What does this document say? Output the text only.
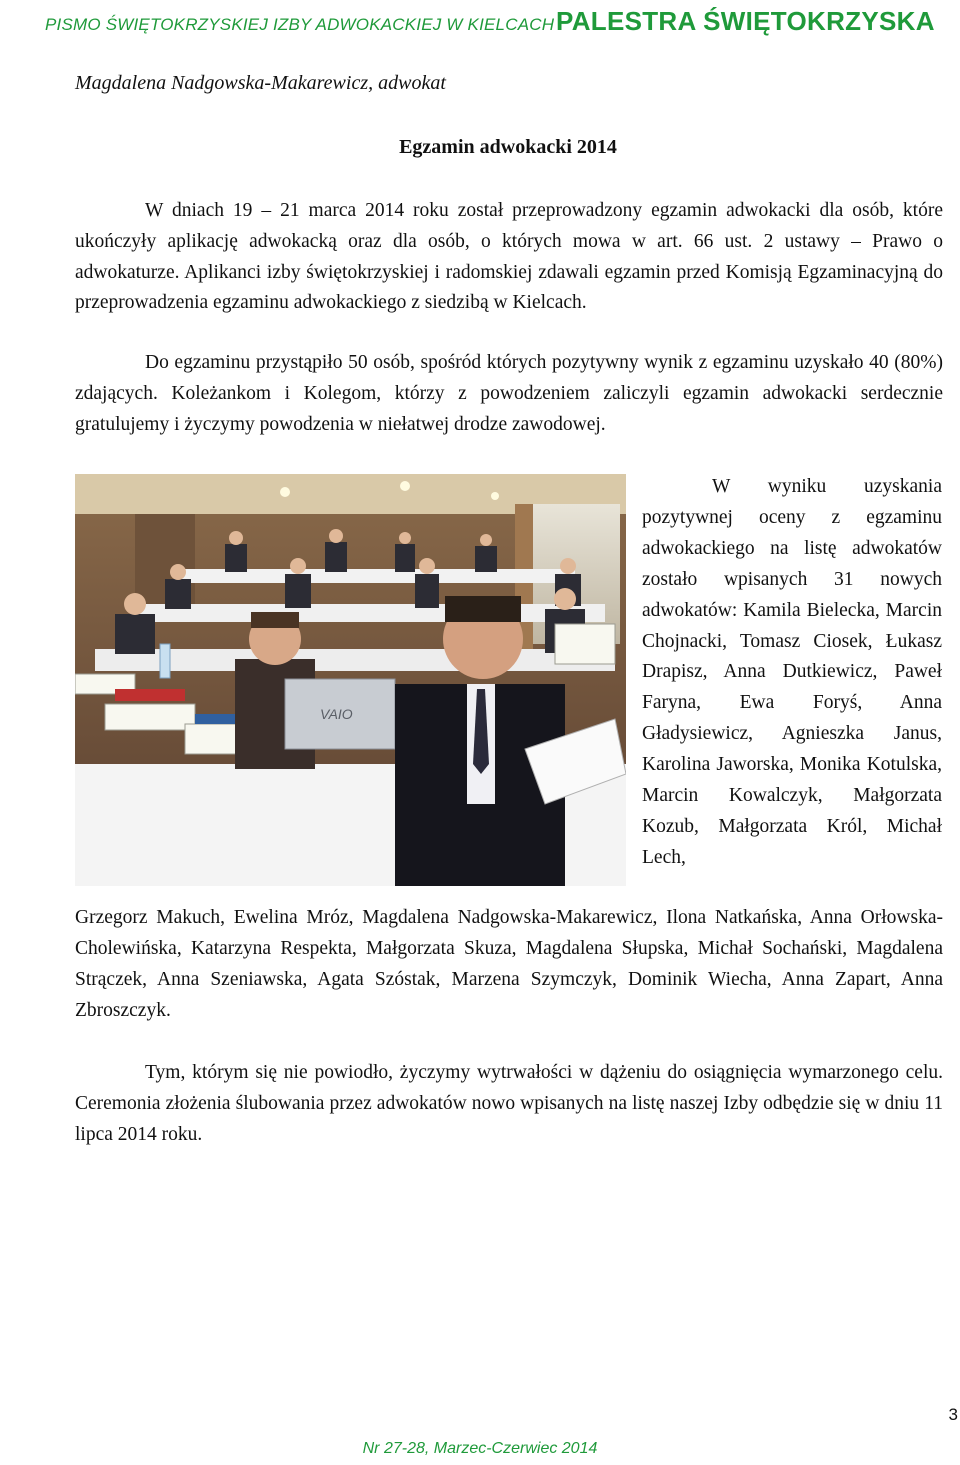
PISMO ŚWIĘTOKRZYSKIEJ IZBY ADWOKACKIEJ W KIELCACH PALESTRA ŚWIĘTOKRZYSKA
Magdalena Nadgowska-Makarewicz, adwokat
Egzamin adwokacki 2014

W dniach 19 – 21 marca 2014 roku został przeprowadzony egzamin adwokacki dla osób, które ukończyły aplikację adwokacką oraz dla osób, o których mowa w art. 66 ust. 2 ustawy – Prawo o adwokaturze. Aplikanci izby świętokrzyskiej i radomskiej zdawali egzamin przed Komisją Egzaminacyjną do przeprowadzenia egzaminu adwokackiego z siedzibą w Kielcach.

Do egzaminu przystąpiło 50 osób, spośród których pozytywny wynik z egzaminu uzyskało 40 (80%) zdających. Koleżankom i Kolegom, którzy z powodzeniem zaliczyli egzamin adwokacki serdecznie gratulujemy i życzymy powodzenia w niełatwej drodze zawodowej.

VAIO

W wyniku uzyskania pozytywnej oceny z egzaminu adwokackiego na listę adwokatów zostało wpisanych 31 nowych adwokatów: Kamila Bielecka, Marcin Chojnacki, Tomasz Ciosek, Łukasz Drapisz, Anna Dutkiewicz, Paweł Faryna, Ewa Foryś, Anna Gładysiewicz, Agnieszka Janus, Karolina Jaworska, Monika Kotulska, Marcin Kowalczyk, Małgorzata Kozub, Małgorzata Król, Michał Lech,

Grzegorz Makuch, Ewelina Mróz, Magdalena Nadgowska-Makarewicz, Ilona Natkańska, Anna Orłowska-Cholewińska, Katarzyna Respekta, Małgorzata Skuza, Magdalena Słupska, Michał Sochański, Magdalena Strączek, Anna Szeniawska, Agata Szóstak, Marzena Szymczyk, Dominik Wiecha, Anna Zapart, Anna Zbroszczyk.

Tym, którym się nie powiodło, życzymy wytrwałości w dążeniu do osiągnięcia wymarzonego celu. Ceremonia złożenia ślubowania przez adwokatów nowo wpisanych na listę naszej Izby odbędzie się w dniu 11 lipca 2014 roku.

3
Nr 27-28, Marzec-Czerwiec 2014
